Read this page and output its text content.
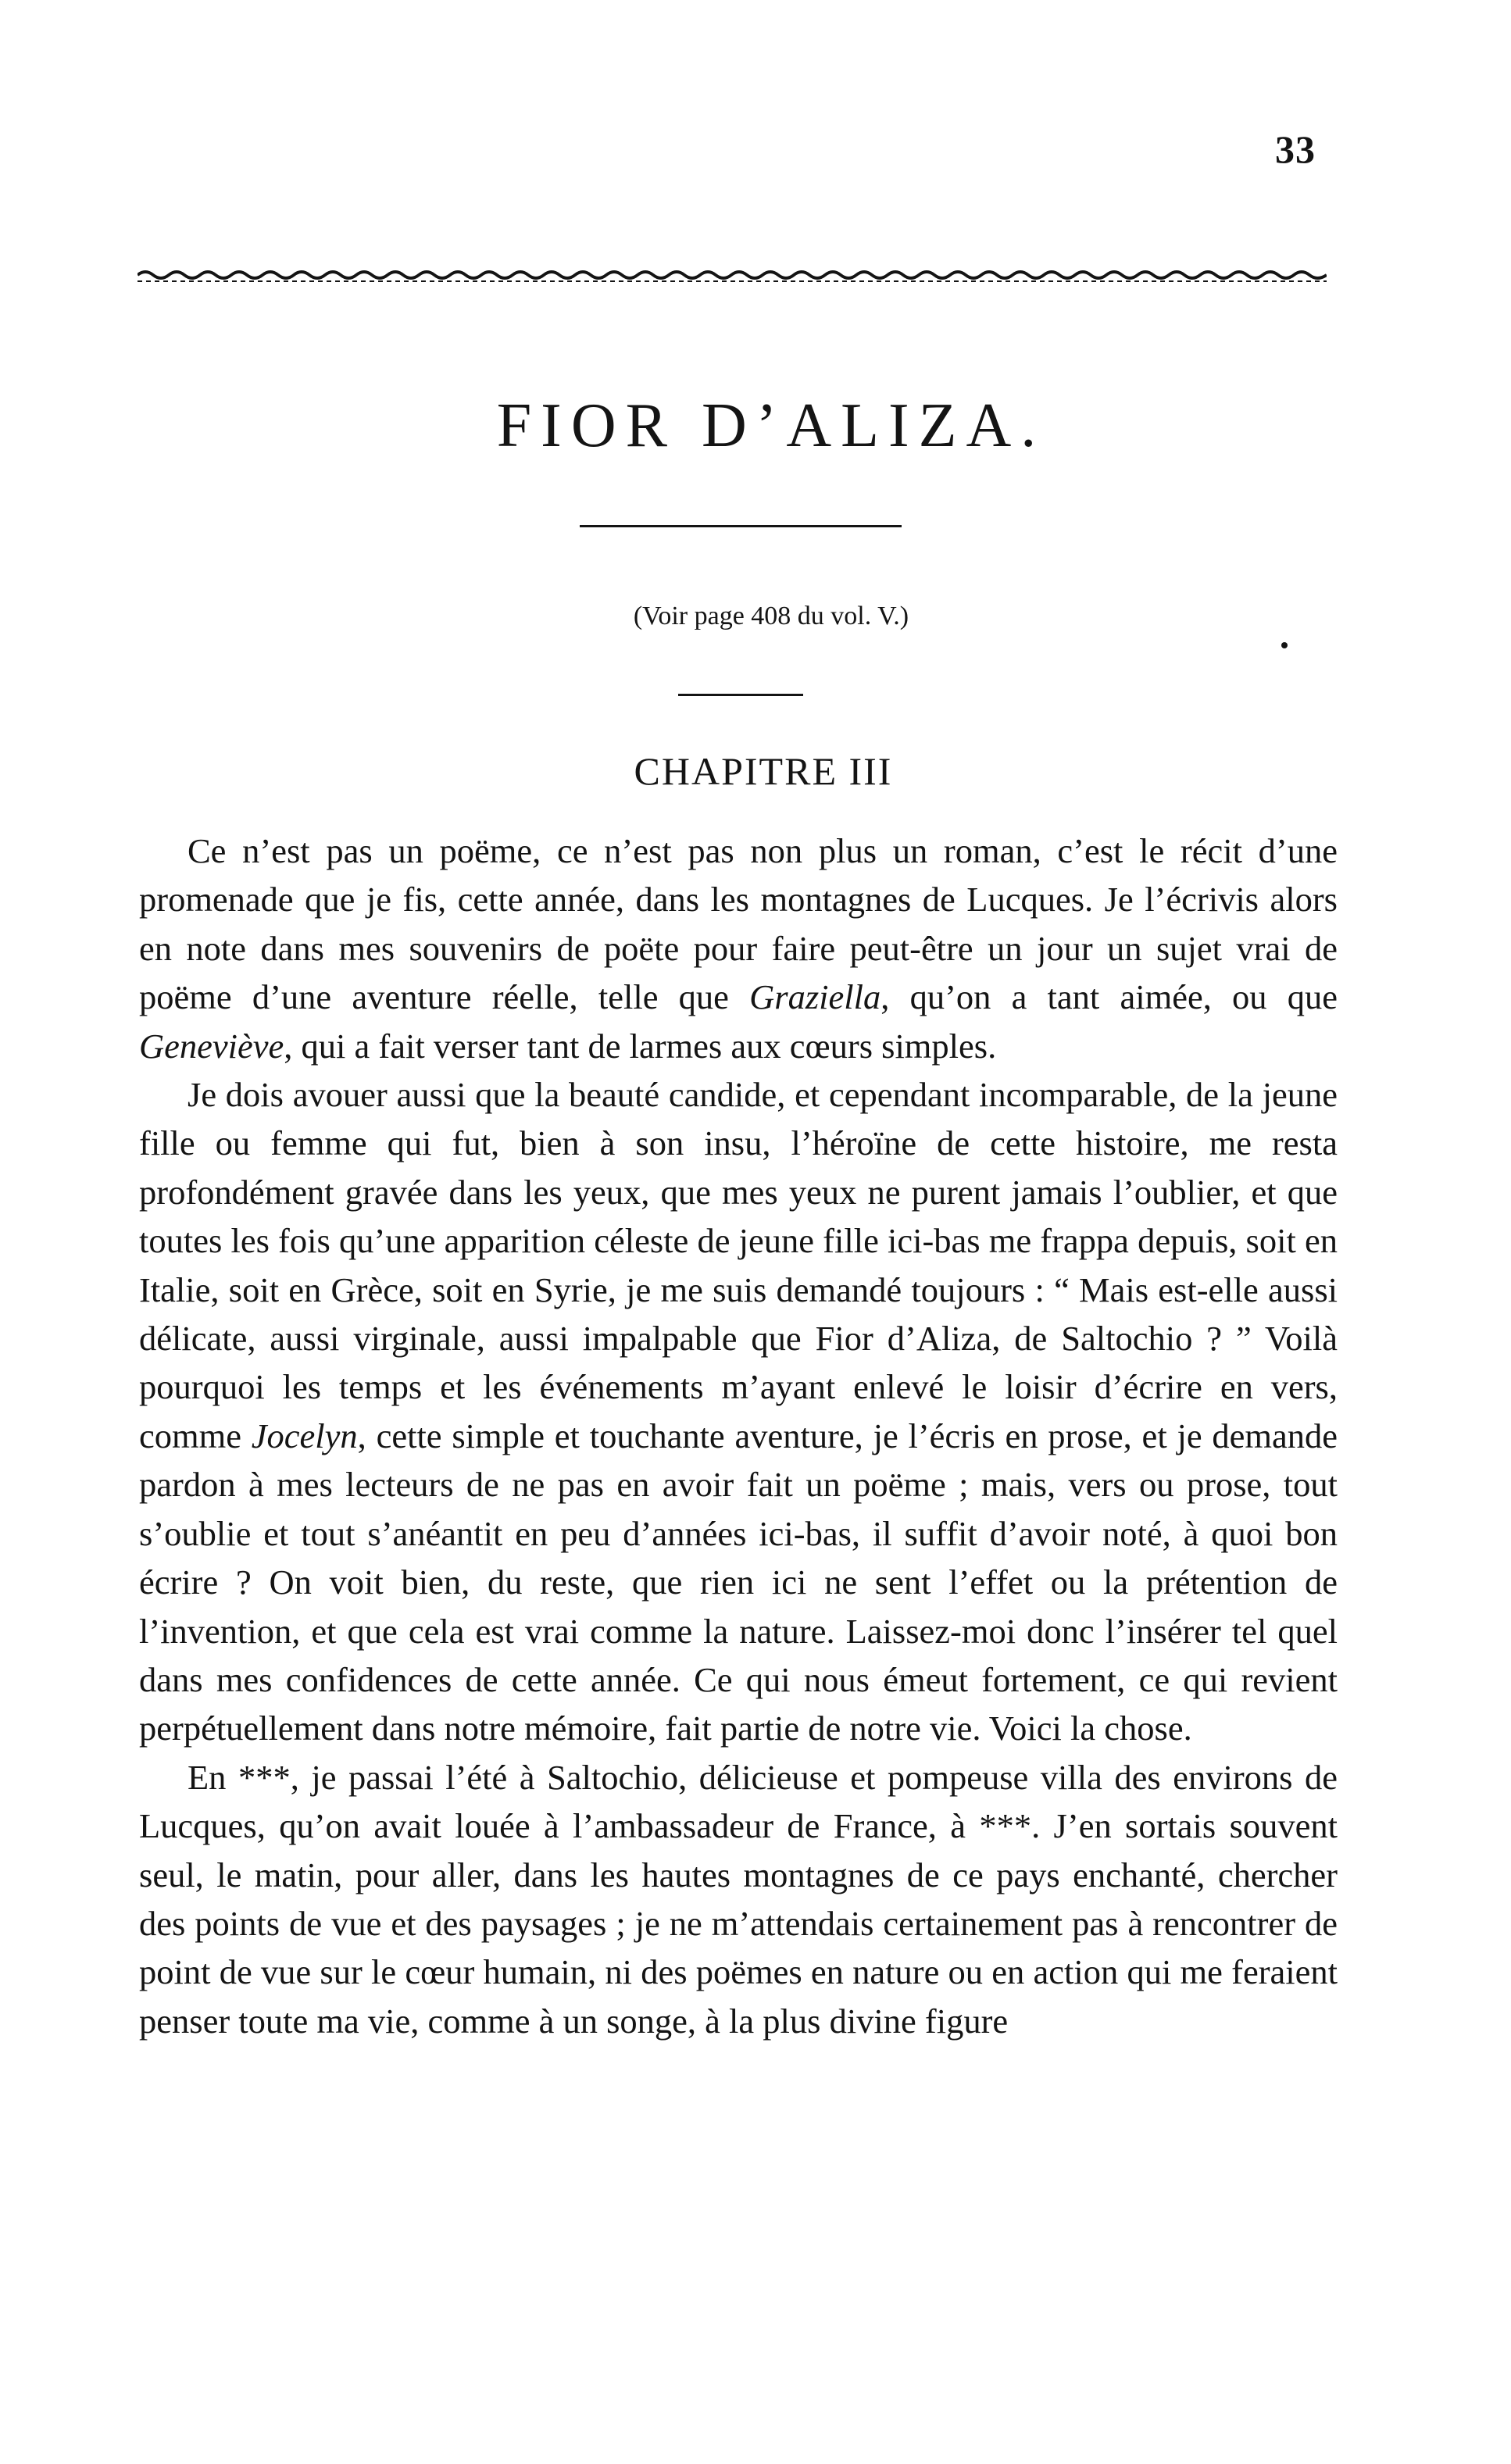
33
FIOR D’ALIZA.
(Voir page 408 du vol. V.)
CHAPITRE III

Ce n’est pas un poëme, ce n’est pas non plus un roman, c’est le récit d’une promenade que je fis, cette année, dans les montagnes de Lucques. Je l’écrivis alors en note dans mes souvenirs de poëte pour faire peut-être un jour un sujet vrai de poëme d’une aventure réelle, telle que Graziella, qu’on a tant aimée, ou que Geneviève, qui a fait verser tant de larmes aux cœurs simples.

Je dois avouer aussi que la beauté candide, et cependant incomparable, de la jeune fille ou femme qui fut, bien à son insu, l’héroïne de cette histoire, me resta profondément gravée dans les yeux, que mes yeux ne purent jamais l’oublier, et que toutes les fois qu’une apparition céleste de jeune fille ici-bas me frappa depuis, soit en Italie, soit en Grèce, soit en Syrie, je me suis demandé toujours : “ Mais est-elle aussi délicate, aussi virginale, aussi impalpable que Fior d’Aliza, de Saltochio ? ” Voilà pourquoi les temps et les événements m’ayant enlevé le loisir d’écrire en vers, comme Jocelyn, cette simple et touchante aventure, je l’écris en prose, et je demande pardon à mes lecteurs de ne pas en avoir fait un poëme ; mais, vers ou prose, tout s’oublie et tout s’anéantit en peu d’années ici-bas, il suffit d’avoir noté, à quoi bon écrire ? On voit bien, du reste, que rien ici ne sent l’effet ou la prétention de l’invention, et que cela est vrai comme la nature. Laissez-moi donc l’insérer tel quel dans mes confidences de cette année. Ce qui nous émeut fortement, ce qui revient perpétuellement dans notre mémoire, fait partie de notre vie. Voici la chose.

En ***, je passai l’été à Saltochio, délicieuse et pompeuse villa des environs de Lucques, qu’on avait louée à l’ambassadeur de France, à ***. J’en sortais souvent seul, le matin, pour aller, dans les hautes montagnes de ce pays enchanté, chercher des points de vue et des paysages ; je ne m’attendais certainement pas à rencontrer de point de vue sur le cœur humain, ni des poëmes en nature ou en action qui me feraient penser toute ma vie, comme à un songe, à la plus divine figure
